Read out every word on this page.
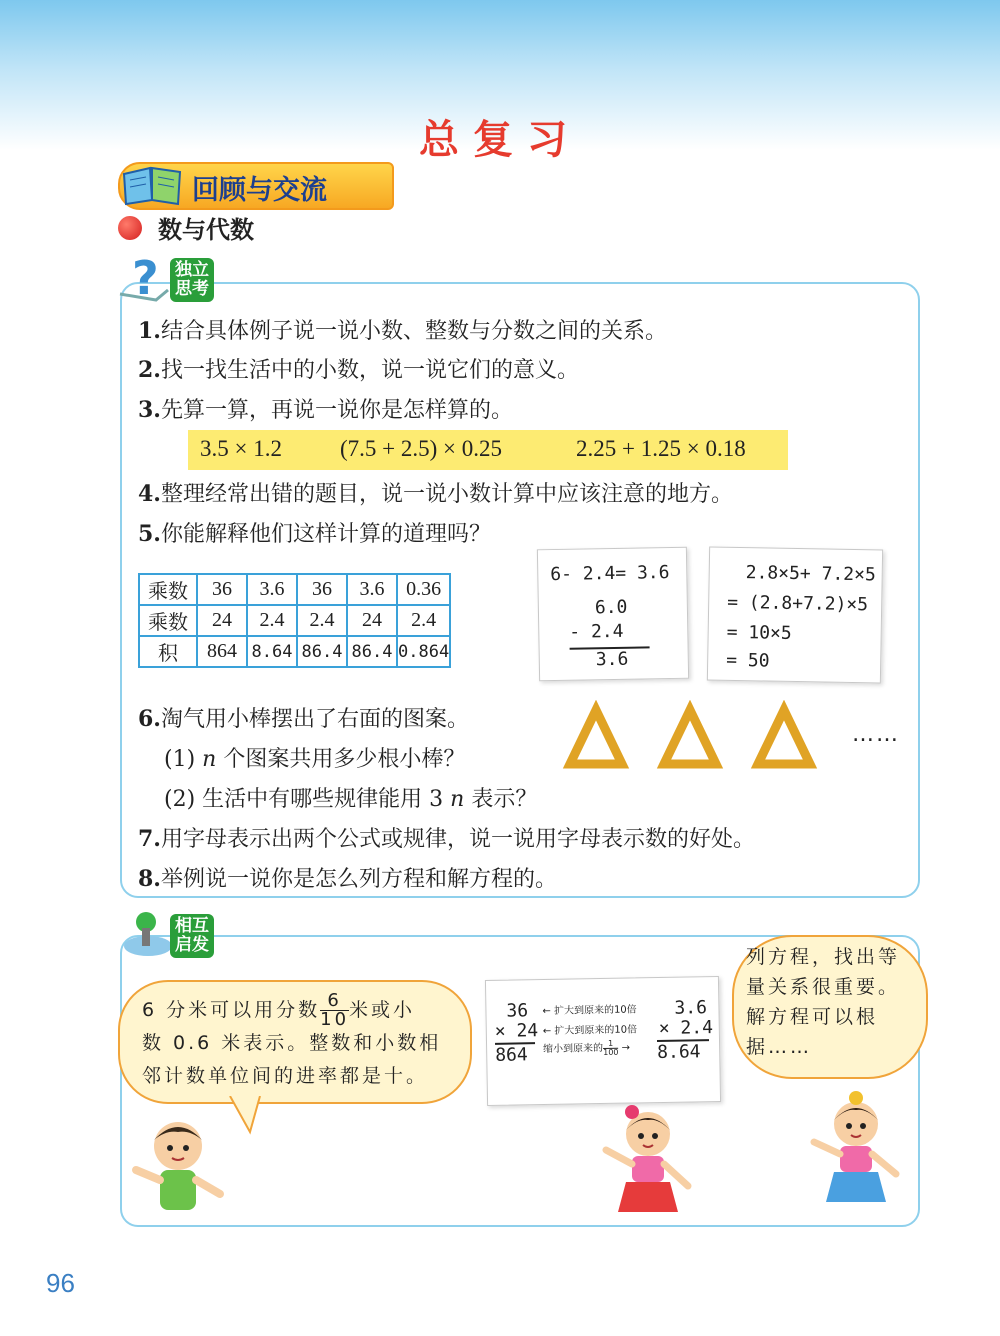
总复习
回顾与交流
数与代数
? 独立
思考
1.结合具体例子说一说小数、整数与分数之间的关系。
2.找一找生活中的小数，说一说它们的意义。
3.先算一算，再说一说你是怎样算的。
3.5 × 1.2	(7.5 + 2.5) × 0.25	2.25 + 1.25 × 0.18
4.整理经常出错的题目，说一说小数计算中应该注意的地方。
5.你能解释他们这样计算的道理吗？
乘数	36	3.6	36	3.6	0.36
乘数	24	2.4	2.4	24	2.4
积	864	8.64	86.4	86.4	0.864
6- 2.4= 3.6
6.0
- 2.4
3.6
2.8×5+ 7.2×5
= (2.8+7.2)×5
= 10×5
= 50
6.淘气用小棒摆出了右面的图案。
(1) n 个图案共用多少根小棒？
(2) 生活中有哪些规律能用 3 n 表示？
……
7.用字母表示出两个公式或规律，说一说用字母表示数的好处。
8.举例说一说你是怎么列方程和解方程的。
相互
启发
6 分米可以用分数 $\frac{6}{10}$ 米或小
数 0.6 米表示。整数和小数相
邻计数单位间的进率都是十。
36
× 24
864
3.6
× 2.4
8.64
← 扩大到原来的10倍
← 扩大到原来的10倍
缩小到原来的 $\frac{1}{100}$ →
列方程，找出等
量关系很重要。
解方程可以根
据……
96
